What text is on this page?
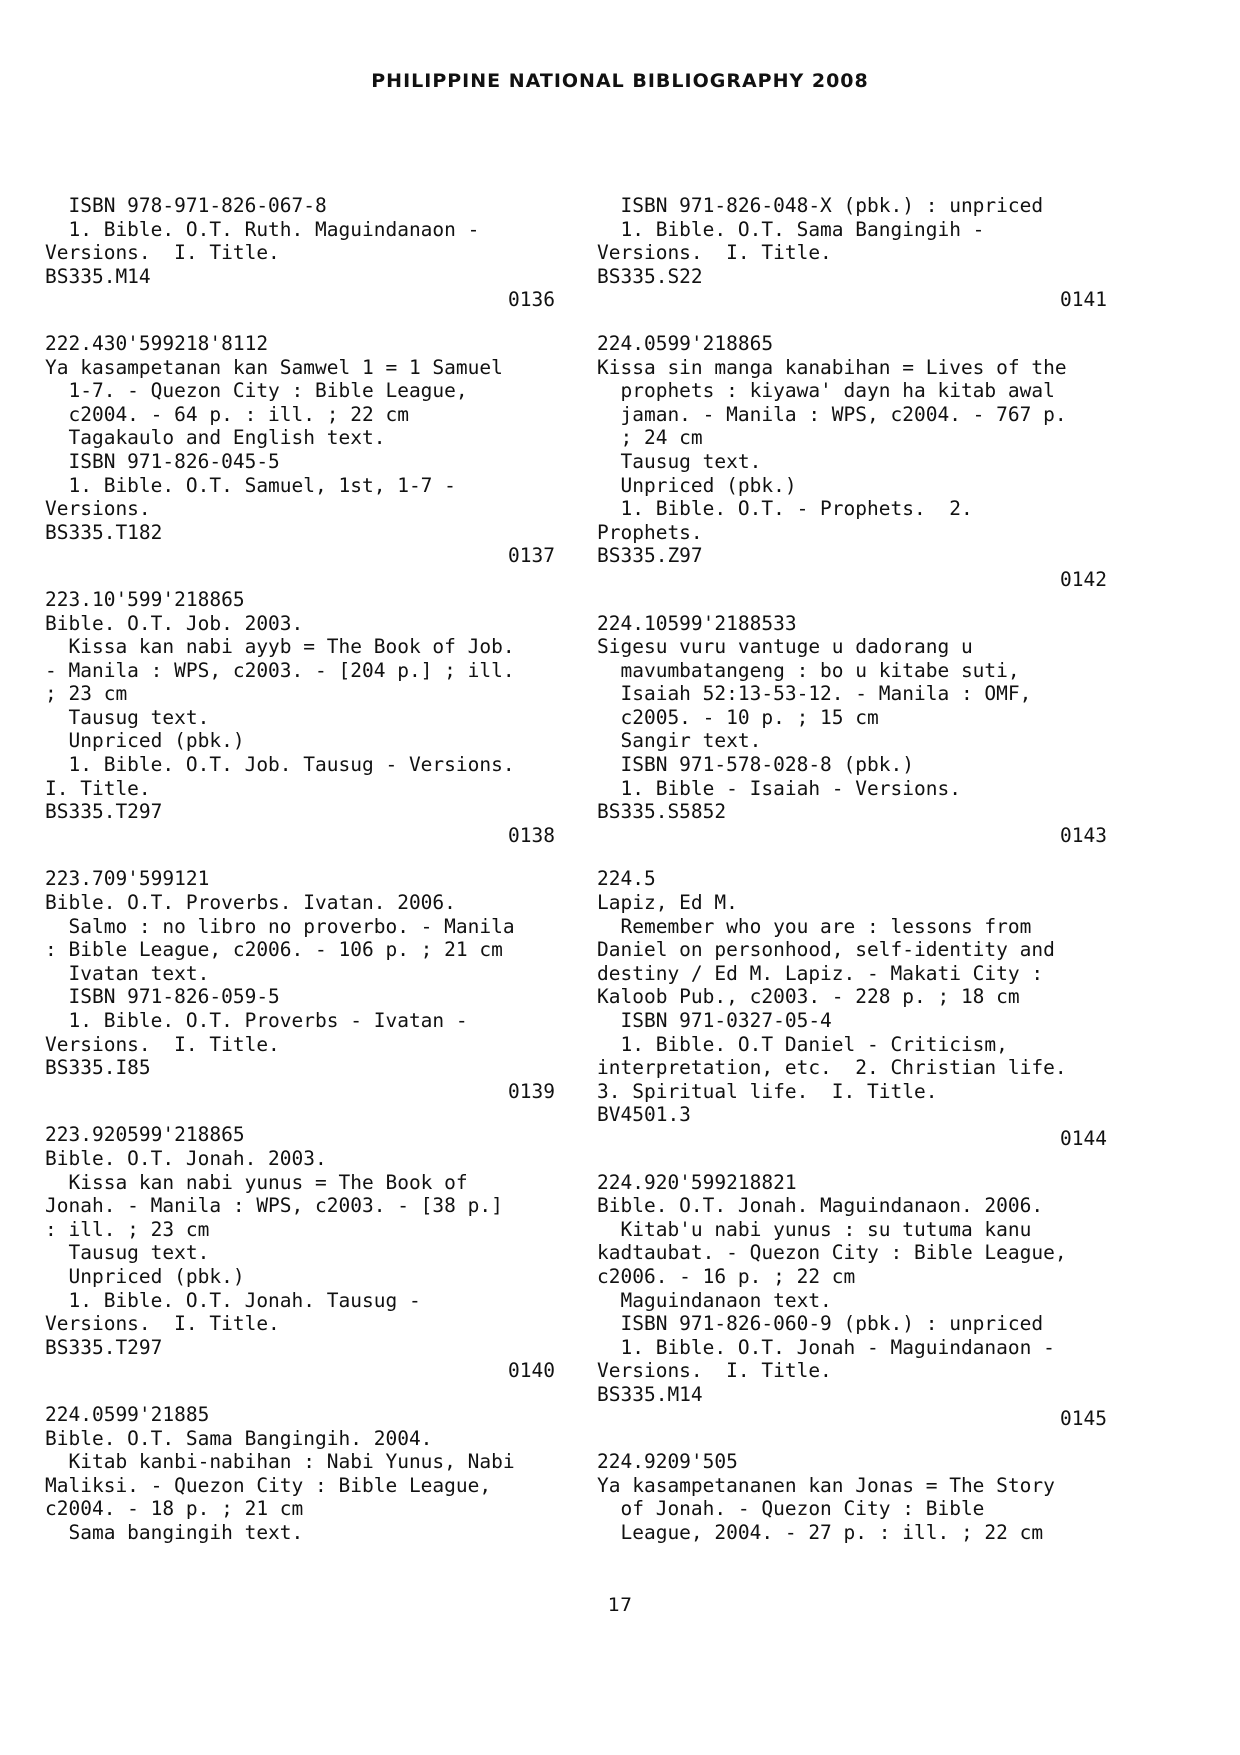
PHILIPPINE NATIONAL BIBLIOGRAPHY 2008
ISBN 978-971-826-067-8
1. Bible. O.T. Ruth. Maguindanaon -
Versions.  I. Title.
BS335.M14
0136
222.430'599218'8112
Ya kasampetanan kan Samwel 1 = 1 Samuel
1-7. - Quezon City : Bible League,
c2004. - 64 p. : ill. ; 22 cm
Tagakaulo and English text.
ISBN 971-826-045-5
1. Bible. O.T. Samuel, 1st, 1-7 -
Versions.
BS335.T182
0137
223.10'599'218865
Bible. O.T. Job. 2003.
Kissa kan nabi ayyb = The Book of Job.
- Manila : WPS, c2003. - [204 p.] ; ill.
; 23 cm
Tausug text.
Unpriced (pbk.)
1. Bible. O.T. Job. Tausug - Versions.
I. Title.
BS335.T297
0138
223.709'599121
Bible. O.T. Proverbs. Ivatan. 2006.
Salmo : no libro no proverbo. - Manila
: Bible League, c2006. - 106 p. ; 21 cm
Ivatan text.
ISBN 971-826-059-5
1. Bible. O.T. Proverbs - Ivatan -
Versions.  I. Title.
BS335.I85
0139
223.920599'218865
Bible. O.T. Jonah. 2003.
Kissa kan nabi yunus = The Book of
Jonah. - Manila : WPS, c2003. - [38 p.]
: ill. ; 23 cm
Tausug text.
Unpriced (pbk.)
1. Bible. O.T. Jonah. Tausug -
Versions.  I. Title.
BS335.T297
0140
224.0599'21885
Bible. O.T. Sama Bangingih. 2004.
Kitab kanbi-nabihan : Nabi Yunus, Nabi
Maliksi. - Quezon City : Bible League,
c2004. - 18 p. ; 21 cm
Sama bangingih text.
ISBN 971-826-048-X (pbk.) : unpriced
1. Bible. O.T. Sama Bangingih -
Versions.  I. Title.
BS335.S22
0141
224.0599'218865
Kissa sin manga kanabihan = Lives of the
prophets : kiyawa' dayn ha kitab awal
jaman. - Manila : WPS, c2004. - 767 p.
; 24 cm
Tausug text.
Unpriced (pbk.)
1. Bible. O.T. - Prophets.  2.
Prophets.
BS335.Z97
0142
224.10599'2188533
Sigesu vuru vantuge u dadorang u
mavumbatangeng : bo u kitabe suti,
Isaiah 52:13-53-12. - Manila : OMF,
c2005. - 10 p. ; 15 cm
Sangir text.
ISBN 971-578-028-8 (pbk.)
1. Bible - Isaiah - Versions.
BS335.S5852
0143
224.5
Lapiz, Ed M.
Remember who you are : lessons from
Daniel on personhood, self-identity and
destiny / Ed M. Lapiz. - Makati City :
Kaloob Pub., c2003. - 228 p. ; 18 cm
ISBN 971-0327-05-4
1. Bible. O.T Daniel - Criticism,
interpretation, etc.  2. Christian life.
3. Spiritual life.  I. Title.
BV4501.3
0144
224.920'599218821
Bible. O.T. Jonah. Maguindanaon. 2006.
Kitab'u nabi yunus : su tutuma kanu
kadtaubat. - Quezon City : Bible League,
c2006. - 16 p. ; 22 cm
Maguindanaon text.
ISBN 971-826-060-9 (pbk.) : unpriced
1. Bible. O.T. Jonah - Maguindanaon -
Versions.  I. Title.
BS335.M14
0145
224.9209'505
Ya kasampetananen kan Jonas = The Story
of Jonah. - Quezon City : Bible
League, 2004. - 27 p. : ill. ; 22 cm
17
